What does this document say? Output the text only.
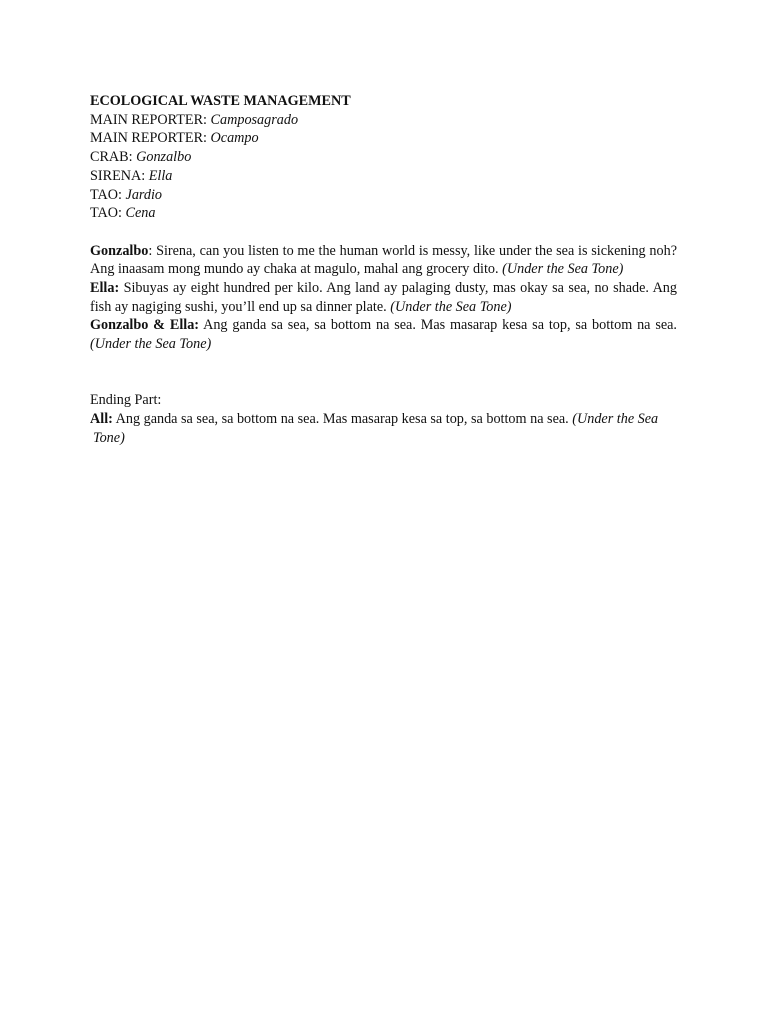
ECOLOGICAL WASTE MANAGEMENT
MAIN REPORTER: Camposagrado
MAIN REPORTER: Ocampo
CRAB: Gonzalbo
SIRENA: Ella
TAO: Jardio
TAO: Cena

Gonzalbo: Sirena, can you listen to me the human world is messy, like under the sea is sickening noh? Ang inaasam mong mundo ay chaka at magulo, mahal ang grocery dito. (Under the Sea Tone)

Ella: Sibuyas ay eight hundred per kilo. Ang land ay palaging dusty, mas okay sa sea, no shade. Ang fish ay nagiging sushi, you’ll end up sa dinner plate. (Under the Sea Tone)

Gonzalbo & Ella: Ang ganda sa sea, sa bottom na sea. Mas masarap kesa sa top, sa bottom na sea. (Under the Sea Tone)

Ending Part:
All: Ang ganda sa sea, sa bottom na sea. Mas masarap kesa sa top, sa bottom na sea. (Under the Sea
Tone)
